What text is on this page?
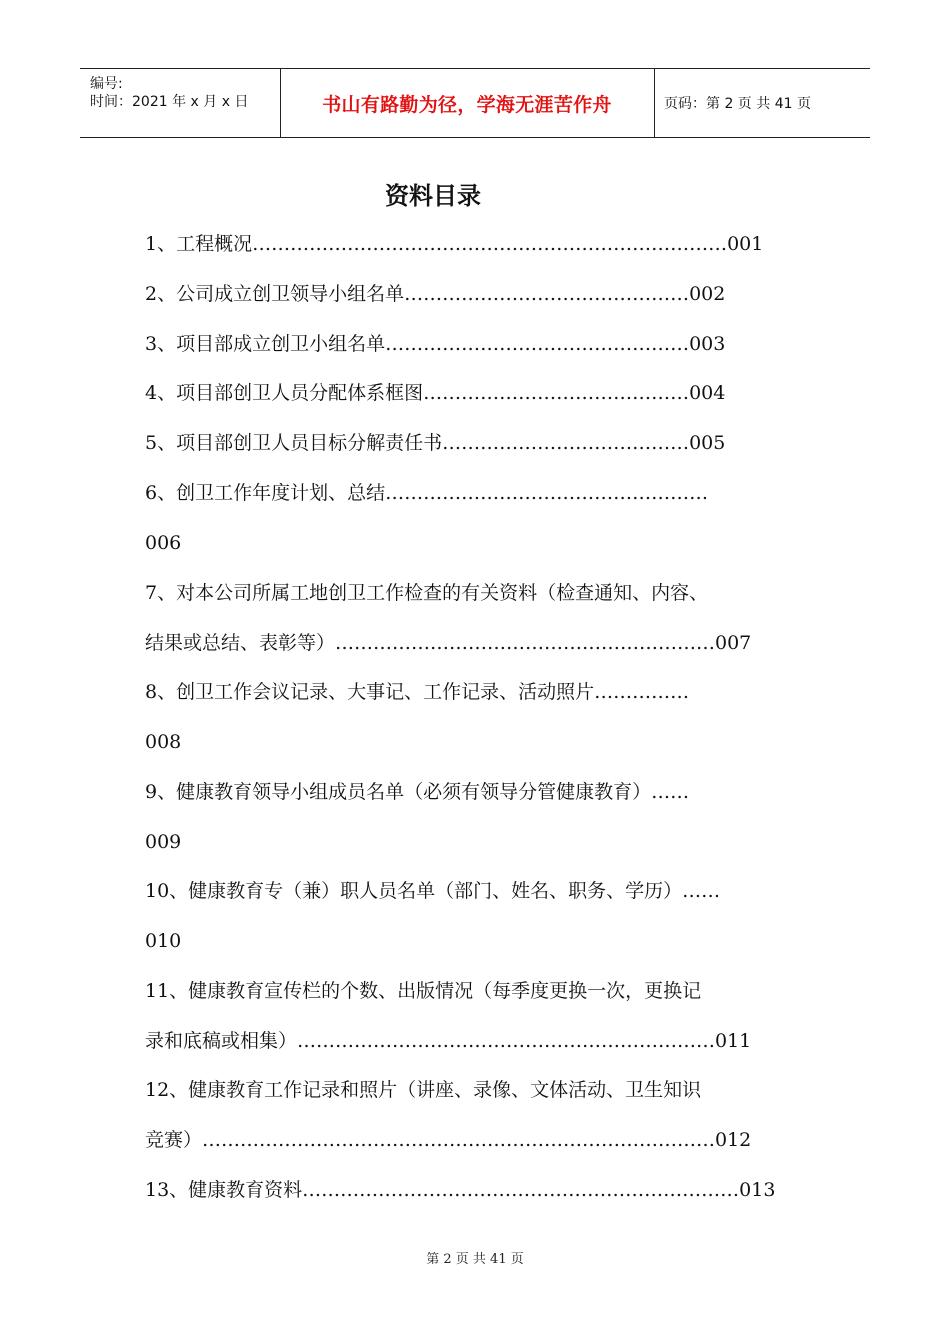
编号:
时间：2021 年 x 月 x 日	书山有路勤为径，学海无涯苦作舟	页码：第 2 页 共 41 页
资料目录
1、工程概况…………………………………………………………………001
2、公司成立创卫领导小组名单………………………………………002
3、项目部成立创卫小组名单…………………………………………003
4、项目部创卫人员分配体系框图……………………………………004
5、项目部创卫人员目标分解责任书…………………………………005
6、创卫工作年度计划、总结……………………………………………
006
7、对本公司所属工地创卫工作检查的有关资料（检查通知、内容、
结果或总结、表彰等）……………………………………………………007
8、创卫工作会议记录、大事记、工作记录、活动照片……………
008
9、健康教育领导小组成员名单（必须有领导分管健康教育）……
009
10、健康教育专（兼）职人员名单（部门、姓名、职务、学历）……
010
11、健康教育宣传栏的个数、出版情况（每季度更换一次，更换记
录和底稿或相集）…………………………………………………………011
12、健康教育工作记录和照片（讲座、录像、文体活动、卫生知识
竞赛）………………………………………………………………………012
13、健康教育资料……………………………………………………………013
第 2 页 共 41 页
